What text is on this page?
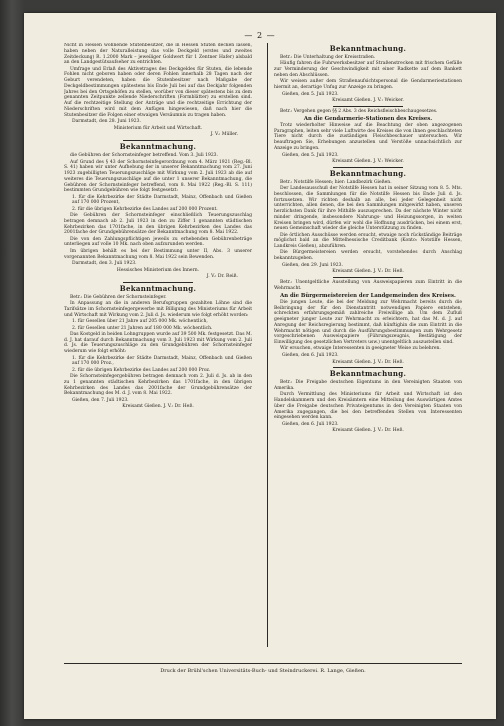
— 2 —

Nicht in Hessen wohnende Stutenbesitzer, die in Hessen Stuten decken lassen, haben neben der Naturalleistung das volle Deckgeld (erstes und zweites Zeitdeckung) R. 1.2000 Mark – jeweiliger Goldwert für 1 Zentner Hafer) alsbald an den Landgestütsaufseher zu entrichten.

Umfrage und Erlaß des Aktivetrages des Deckgeldes für Stuten, die lebende Fohlen nicht geboren haben oder deren Fohlen innerhalb 28 Tagen nach der Geburt verendeten, haben die Stutenbesitzer nach Maßgabe der Deckgeldbestimmungen spätestens bis Ende Juli bei auf das Deckjahr folgenden Jahres bei den Ortsgehöfen zu stellen, worüber von dieser spätestens bis zu dem genannten Zeitpunkte zellende Niederschriften (Formblätter) zu erstellen sind. Auf die rechtzeitige Stellung der Anträge und die rechtzeitige Errichtung der Niederschriften wird mit dem Anfügen hingewiesen, daß nach hier die Stutenbesitzer die Folgen einer etwaigen Versäumnis zu tragen haben.

Darmstadt, den 28. Juni 1923.

Ministerium für Arbeit und Wirtschaft.

J. V.: Müller.

Bekanntmachung.

die Gebühren der Schornsteinfeger betreffend. Vom 3. Juli 1923.

Auf Grund des § 43 der Schornsteinfegerordnung vom 4. März 1921 (Reg.-Bl. S. 41) haben wir unter Aufhebung der in unserer Bekanntmachung vom 27. Juni 1923 zugebilligten Teuerungszuschläge mit Wirkung vom 2. Juli 1923 ab die auf weiteres die Teuerungszuschläge auf die unter 1 unserer Bekanntmachung, die Gebühren der Schornsteinfeger betreffend, vom 8. Mai 1922 (Reg.-Bl. S. 111) bestimmten Grundgebühren wie folgt festgesetzt:

1. für die Kehrbezirke der Städte Darmstadt, Mainz, Offenbach und Gießen auf 170 000 Prozent,

2. für die übrigen Kehrbezirke des Landes auf 200 000 Prozent.

Die Gebühren der Schornsteinfeger einschließlich Teuerungszuschlag betragen demnach ab 2. Juli 1923 in den zu Ziffer 1 genannten städtischen Kehrbezirken das 1701fache, in den übrigen Kehrbezirken des Landes das 2001fache der Grundgebührensätze der Bekanntmachung vom 8. Mai 1922.

Die von den Zahlungspflichtigen jeweils zu erhebenden Gebührenbeträge unterliegen auf volle 10 Mk. nach oben aufzurunden werden.

Im übrigen behält es bei der Bestimmung unter II, Abs. 3 unserer vorgenannten Bekanntmachung vom 8. Mai 1922 sein Bewenden.

Darmstadt, den 3. Juli 1923.

Hessisches Ministerium des Innern.

J. V.: Dr. Reiß.

Bekanntmachung.

Betr.: Die Gebühren der Schornsteinfeger.

In Anpassung an die in anderen Berufsgruppen gezahlten Löhne sind die Tarifsätze im Schornsteinfegergewerbe mit Billigung des Ministeriums für Arbeit und Wirtschaft mit Wirkung vom 2. Juli d. Js. wiederum wie folgt erhöht worden:

1. für Gesellen über 21 Jahre auf 205 000 Mk. wöchentlich,

2. für Gesellen unter 21 Jahren auf 180 000 Mk. wöchentlich.

Das Kostgeld in beiden Lohngruppen wurde auf 39 500 Mk. festgesetzt. Das M. d. J. hat darauf durch Bekanntmachung vom 3. Juli 1923 mit Wirkung vom 2. Juli d. Js. die Teuerungszuschläge zu den Grundgebühren der Schornsteinfeger wiederum wie folgt erhöht:

1. für die Kehrbezirke der Städte Darmstadt, Mainz, Offenbach und Gießen auf 170 000 Proz.,

2. für die übrigen Kehrbezirke des Landes auf 200 000 Proz.

Die Schornsteinfegergebühren betragen demnach vom 2. Juli d. Js. ab in den zu 1 genannten städtischen Kehrbezirken das 1701fache, in den übrigen Kehrbezirken des Landes das 2001fache der Grundgebührensätze der Bekanntmachung des M. d. J. vom 8. Mai 1922.

Gießen, den 7. Juli 1923.

Kreisamt Gießen. J. V.: Dr. Heß.

Bekanntmachung.

Betr.: Die Unterhaltung der Kreisstraßen.

Häufig fahren die Fuhrwerksbesitzer auf Straßenstrecken mit frischem Gefälle zur Verminderung der Geschwindigkeit mit einer Radkette auf dem Bankett neben den Abschlüssen.

Wir weisen außer dem Straßenaufsichtspersonal die Gendarmeriestationen hiermit an, derartige Unfug zur Anzeige zu bringen.

Gießen, den 5. Juli 1923.

Kreisamt Gießen. J. V.: Weicker.

Betr.: Vergehen gegen §§ 2 Abs. 3 des Reichsfleischbeschaugesetzes.

An die Gendarmerie-Stationen des Kreises.

Trotz wiederholter Hinweise auf die Beachtung der oben angezogenen Paragraphen, leiten sehr viele Luftwirte des Kreises die von ihnen geschlachteten Tiere nicht durch die zuständigen Fleischbeschauer untersuchen. Wir beauftragen Sie, Erhebungen anzustellen und Verstöße unnachsichtlich zur Anzeige zu bringen.

Gießen, den 5. Juli 1923.

Kreisamt Gießen. J. V.: Weicker.

Bekanntmachung.

Betr.: Notstilfe Hessen; hier: Landbezirk Gießen.

Der Landesausschuß der Notstilfe Hessen hat in seiner Sitzung vom 8. 5. Mts. beschlossen, die Sammlungen für die Notstilfe Hessen bis Ende Juli d. Js. fortzusetzen. Wir richten deshalb an alle, bei jeder Gelegenheit nicht unterrichten, allen denen, die bei den Sammlungen mitgewirkt haben, unseren herzlichsten Dank für ihre Mithilfe auszusprechen. Da der nächste Winter nicht minder dringende, insbesondere Nahrungs- und Heizungssorgen, in weiten Kreisen bringen wird, dürfen wir wohl die Hoffnung ausdrücken, bei einem erst, neuen Gemeinschaft wieder die gleiche Unterstützung zu finden.

Die örtlichen Ausschüsse werden ersucht, etwaige noch rückständige Beiträge möglichst bald an die Mittelhessische Creditbank (Konto: Notstilfe Hessen, Landkreis Gießen), abzuführen.

Die Bürgermeistereien werden ersucht, vorstehendes durch Anschlag bekanntzugeben.

Gießen, den 29. Juni 1923.

Kreisamt Gießen. J. V.: Dr. Heß.

Betr.: Unentgeltliche Ausstellung von Ausweispapieren zum Eintritt in die Wehrmacht.

An die Bürgermeistereien der Landgemeinden des Kreises.

Die jungen Leute, die bei der Meldung zur Wehrmacht bereits durch die Beibringung der für den Dienstantritt notwendigen Papiere entstehen, schreckten erfahrungsgemäß zahlreiche Freiwillige ab. Um dem Zufluß geeigneter junger Leute zur Wehrmacht zu erleichtern, hat das M. d. J. auf Anregung der Reichsregierung bestimmt, daß künftighin die zum Eintritt in die Wehrmacht nötigen und durch die Ausführungsbestimmungen zum Wehrgesetz vorgeschriebenen Ausweispapiere (Führungszeugnis, Bestätigung der Einwilligung des gesetzlichen Vertreters usw.) unentgeltlich auszustellen sind.

Wir ersuchen, etwaige Interessenten in geeigneter Weise zu belehren.

Gießen, den 6. Juli 1923.

Kreisamt Gießen. J. V.: Dr. Heß.

Bekanntmachung.

Betr.: Die Freigabe deutschen Eigentums in den Vereinigten Staaten von Amerika.

Durch Vermittlung des Ministeriums für Arbeit und Wirtschaft ist den Handelskammern und den Kreisämtern eine Mitteilung des Auswärtigen Amtes über die Freigabe deutschen Privateigentums in den Vereinigten Staaten von Amerika zugegangen, die bei den betreffenden Stellen von Interessenten eingesehen werden kann.

Gießen, den 6. Juli 1923.

Kreisamt Gießen. J. V.: Dr. Heß.

Druck der Brühl'schen Universitäts-Buch- und Steindruckerei. R. Lange, Gießen.
